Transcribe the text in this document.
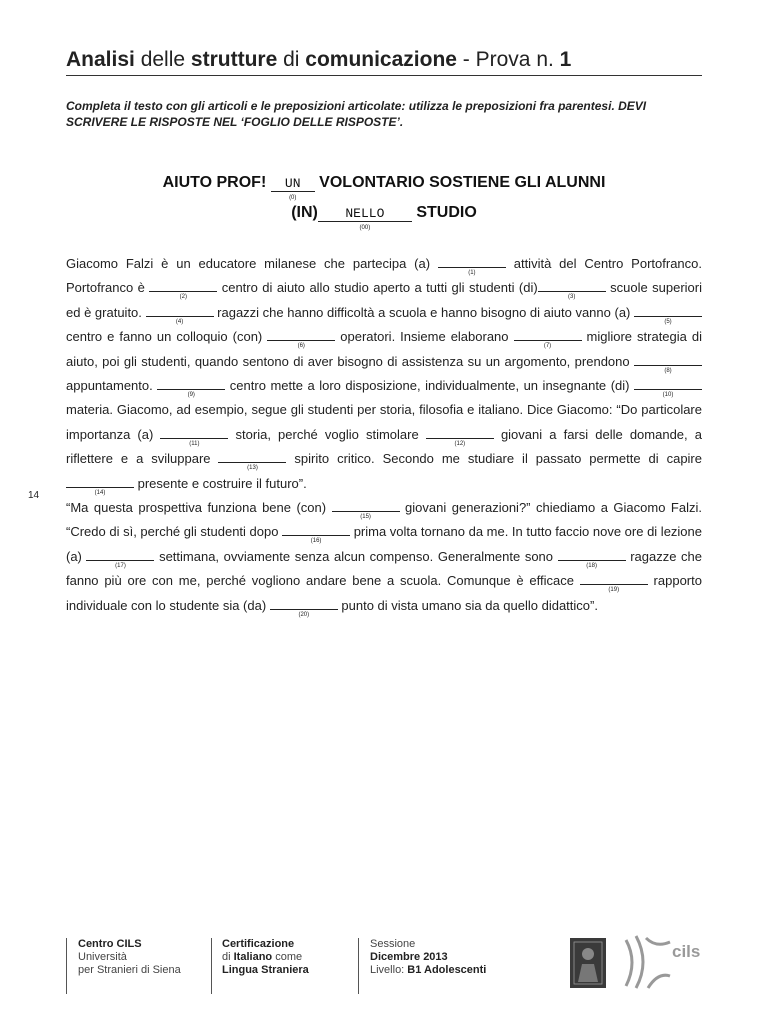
Analisi delle strutture di comunicazione - Prova n. 1
Completa il testo con gli articoli e le preposizioni articolate: utilizza le preposizioni fra parentesi. DEVI SCRIVERE LE RISPOSTE NEL ‘FOGLIO DELLE RISPOSTE’.
AIUTO PROF! UN
(0)
VOLONTARIO SOSTIENE GLI ALUNNI
(IN) NELLO
(00)
STUDIO

Giacomo Falzi è un educatore milanese che partecipa (a)
(1)
attività del Centro Portofranco. Portofranco è
(2)
centro di aiuto allo studio aperto a tutti gli studenti (di)
(3)
scuole superiori ed è gratuito.
(4)
ragazzi che hanno difficoltà a scuola e hanno bisogno di aiuto vanno (a)
(5)
centro e fanno un colloquio (con)
(6)
operatori. Insieme elaborano
(7)
migliore strategia di aiuto, poi gli studenti, quando sentono di aver bisogno di assistenza su un argomento, prendono
(8)
appuntamento.
(9)
centro mette a loro disposizione, individualmente, un insegnante (di)
(10)
materia. Giacomo, ad esempio, segue gli studenti per storia, filosofia e italiano. Dice Giacomo: “Do particolare importanza (a)
(11)
storia, perché voglio stimolare
(12)
giovani a farsi delle domande, a riflettere e a sviluppare
(13)
spirito critico. Secondo me studiare il passato permette di capire
(14)
presente e costruire il futuro”.

“Ma questa prospettiva funziona bene (con)
(15)
giovani generazioni?” chiediamo a Giacomo Falzi. “Credo di sì, perché gli studenti dopo
(16)
prima volta tornano da me. In tutto faccio nove ore di lezione (a)
(17)
settimana, ovviamente senza alcun compenso. Generalmente sono
(18)
ragazze che fanno più ore con me, perché vogliono andare bene a scuola. Comunque è efficace
(19)
rapporto individuale con lo studente sia (da)
(20)
punto di vista umano sia da quello didattico”.

14
Centro CILS
Università
per Stranieri di Siena
Certificazione
di Italiano come
Lingua Straniera
Sessione
Dicembre 2013
Livello: B1 Adolescenti
cils
